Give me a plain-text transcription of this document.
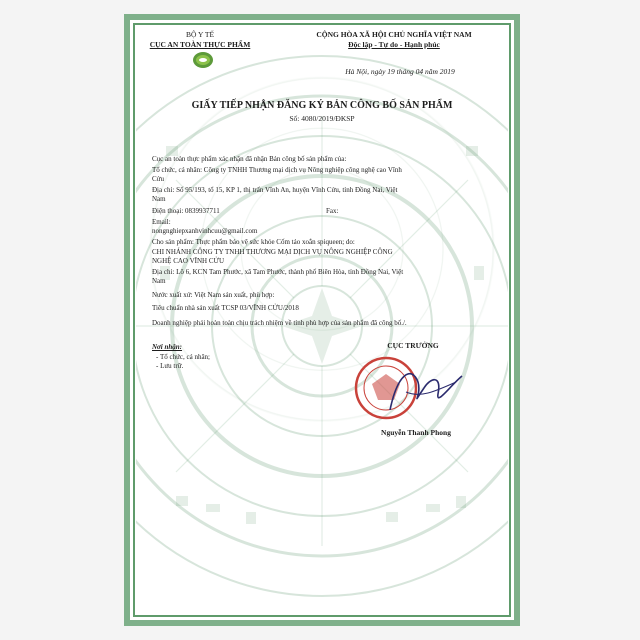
BỘ Y TẾ
CỤC AN TOÀN THỰC PHẨM
CỘNG HÒA XÃ HỘI CHỦ NGHĨA VIỆT NAM
Độc lập - Tự do - Hạnh phúc
Hà Nội, ngày 19 tháng 04 năm 2019
GIẤY TIẾP NHẬN ĐĂNG KÝ BẢN CÔNG BỐ SẢN PHẨM
Số: 4080/2019/ĐKSP
Cục an toàn thực phẩm xác nhận đã nhận Bản công bố sản phẩm của:
Tổ chức, cá nhân: Công ty TNHH Thương mại dịch vụ Nông nghiệp công nghệ cao Vĩnh
Cửu
Địa chỉ: Số 95/193, tổ 15, KP 1, thị trấn Vĩnh An, huyện Vĩnh Cửu, tỉnh Đồng Nai, Việt
Nam
Điện thoại: 0839937711	Fax:
Email:
nongnghiepxanhvinhcuu@gmail.com
Cho sản phẩm: Thực phẩm bảo vệ sức khỏe Cốm tảo xoắn spiqueen; do:
CHI NHÁNH CÔNG TY TNHH THƯƠNG MẠI DỊCH VỤ NÔNG NGHIỆP CÔNG
NGHỆ CAO VĨNH CỬU
Địa chỉ: Lô 6, KCN Tam Phước, xã Tam Phước, thành phố Biên Hòa, tỉnh Đồng Nai, Việt
Nam
Nước xuất xứ: Việt Nam sản xuất, phù hợp:
Tiêu chuẩn nhà sản xuất TCSP 03/VĨNH CỬU/2018
Doanh nghiệp phải hoàn toàn chịu trách nhiệm về tính phù hợp của sản phẩm đã công bố./.
Nơi nhận:
- Tổ chức, cá nhân;
- Lưu trữ.
CỤC TRƯỞNG
Nguyễn Thanh Phong
